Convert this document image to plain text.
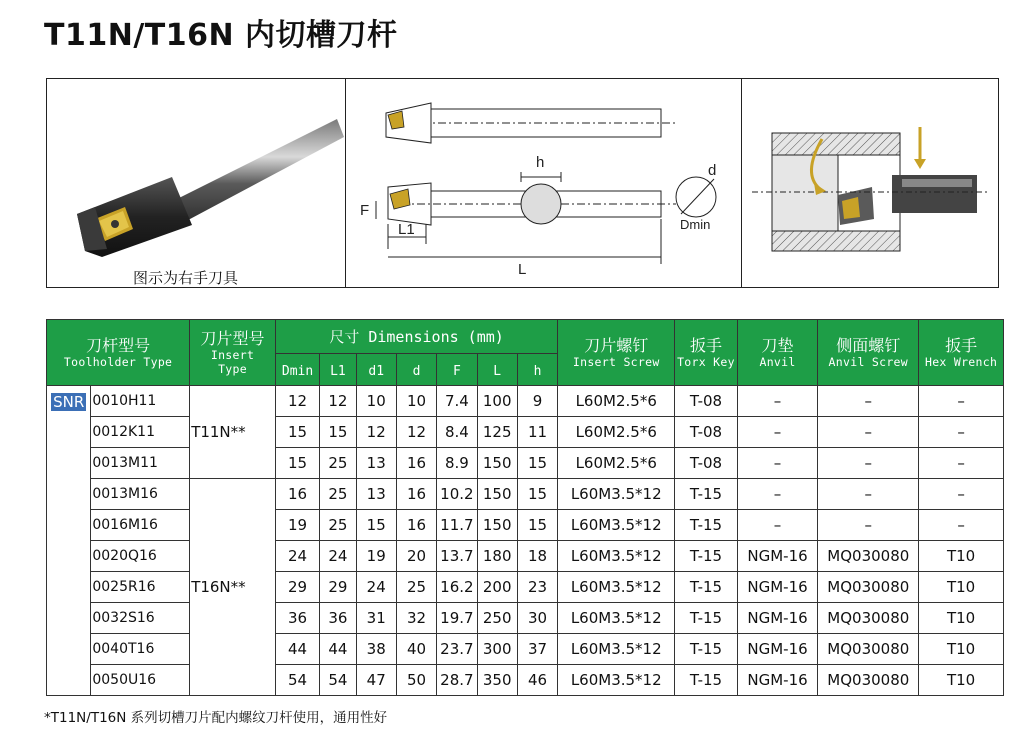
T11N/T16N 内切槽刀杆
图示为右手刀具
h	d
F
L1
L
Dmin
刀杆型号
Toolholder Type		刀片型号
Insert
Type	尺寸 Dimensions (mm)							刀片螺钉
Insert Screw	扳手
Torx Key	刀垫
Anvil	侧面螺钉
Anvil Screw	扳手
Hex Wrench

			Dmin	L1	d1	d	F	L	h					
SNR	0010H11	T11N**	12	12	10	10	7.4	100	9	L60M2.5*6	T-08	–	–	–
	0012K11		15	15	12	12	8.4	125	11	L60M2.5*6	T-08	–	–	–
	0013M11		15	25	13	16	8.9	150	15	L60M2.5*6	T-08	–	–	–
	0013M16	T16N**	16	25	13	16	10.2	150	15	L60M3.5*12	T-15	–	–	–
	0016M16		19	25	15	16	11.7	150	15	L60M3.5*12	T-15	–	–	–
	0020Q16		24	24	19	20	13.7	180	18	L60M3.5*12	T-15	NGM-16	MQ030080	T10
	0025R16		29	29	24	25	16.2	200	23	L60M3.5*12	T-15	NGM-16	MQ030080	T10
	0032S16		36	36	31	32	19.7	250	30	L60M3.5*12	T-15	NGM-16	MQ030080	T10
	0040T16		44	44	38	40	23.7	300	37	L60M3.5*12	T-15	NGM-16	MQ030080	T10
	0050U16		54	54	47	50	28.7	350	46	L60M3.5*12	T-15	NGM-16	MQ030080	T10
*T11N/T16N 系列切槽刀片配内螺纹刀杆使用，通用性好
